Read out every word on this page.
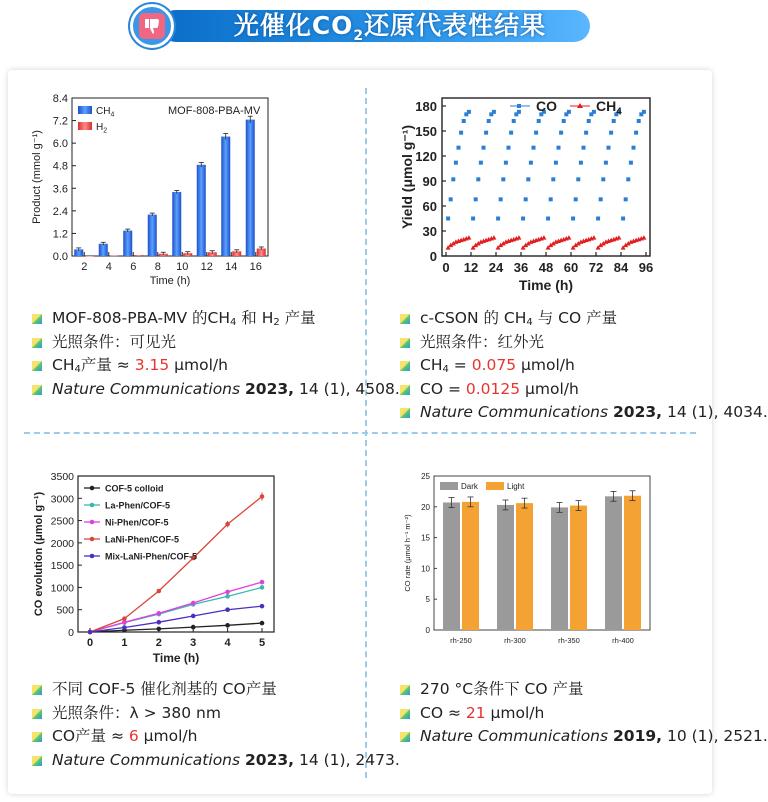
光催化$CO_2$还原代表性结果
0.0
1.2
2.4
3.6
4.8
6.0
7.2
8.4
2 4 6 8 10 12 14 16
$CH_4$
$H_2$
MOF-808-PBA-MV
Time (h)
Product (mmol g⁻¹)
0
30
60
90
120
150
180
0 12 24 36 48 60 72 84 96
CO	$CH_4$
Time (h)
Yield (μmol g⁻¹)
0
500
1000
1500
2000
2500
3000
3500
0	1	2	3	4	5
COF-5 colloid
La-Phen/COF-5
Ni-Phen/COF-5
LaNi-Phen/COF-5
Mix-LaNi-Phen/COF-5
Time (h)
CO evolution (μmol g⁻¹)
0
5
10
15
20
25
rh-250	rh-300	rh-350	rh-400
Dark	Light
CO rate (μmol h⁻¹ m⁻²)
MOF-808-PBA-MV 的$CH_4$ 和 $H_2$ 产量
光照条件：可见光
$CH_4$产量 ≈ 3.15 μmol/h
Nature Communications 2023, 14 (1), 4508.
c-CSON 的 $CH_4$ 与 CO 产量
光照条件：红外光
$CH_4 = 0.075$ μmol/h
CO = 0.0125 μmol/h
Nature Communications 2023, 14 (1), 4034.
不同 COF-5 催化剂基的 CO产量
光照条件：λ > 380 nm
CO产量 ≈ 6 μmol/h
Nature Communications 2023, 14 (1), 2473.
270 °C条件下 CO 产量
CO ≈ 21 μmol/h
Nature Communications 2019, 10 (1), 2521.
